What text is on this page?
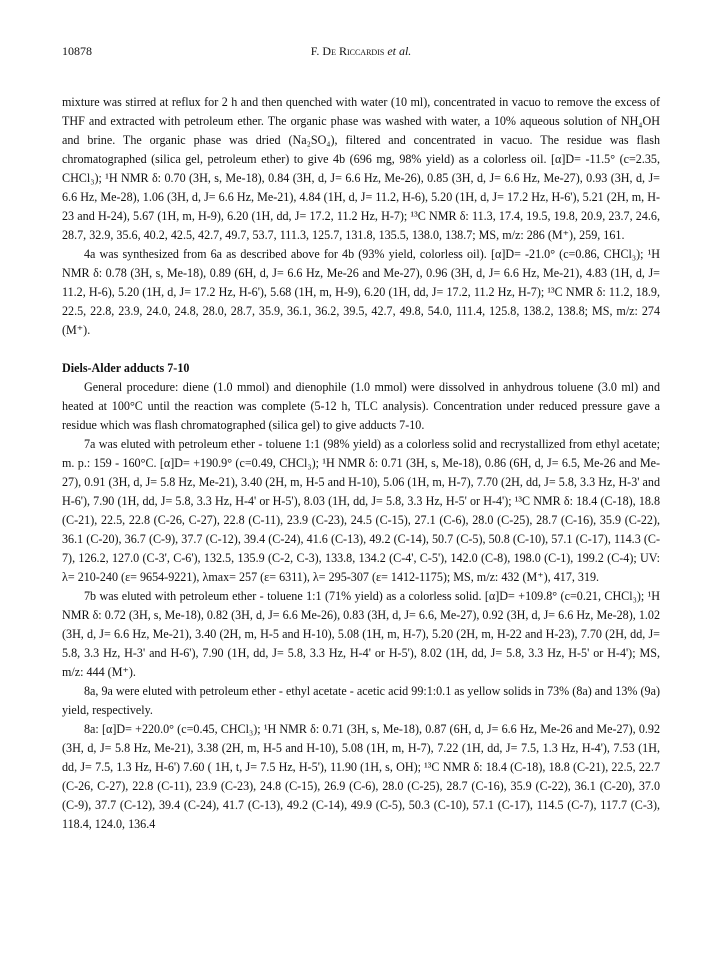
10878	F. De Riccardis et al.

mixture was stirred at reflux for 2 h and then quenched with water (10 ml), concentrated in vacuo to remove the excess of THF and extracted with petroleum ether. The organic phase was washed with water, a 10% aqueous solution of NH₄OH and brine. The organic phase was dried (Na₂SO₄), filtered and concentrated in vacuo. The residue was flash chromatographed (silica gel, petroleum ether) to give 4b (696 mg, 98% yield) as a colorless oil. [α]D= -11.5° (c=2.35, CHCl₃); ¹H NMR δ: 0.70 (3H, s, Me-18), 0.84 (3H, d, J= 6.6 Hz, Me-26), 0.85 (3H, d, J= 6.6 Hz, Me-27), 0.93 (3H, d, J= 6.6 Hz, Me-28), 1.06 (3H, d, J= 6.6 Hz, Me-21), 4.84 (1H, d, J= 11.2, H-6), 5.20 (1H, d, J= 17.2 Hz, H-6'), 5.21 (2H, m, H-23 and H-24), 5.67 (1H, m, H-9), 6.20 (1H, dd, J= 17.2, 11.2 Hz, H-7); ¹³C NMR δ: 11.3, 17.4, 19.5, 19.8, 20.9, 23.7, 24.6, 28.7, 32.9, 35.6, 40.2, 42.5, 42.7, 49.7, 53.7, 111.3, 125.7, 131.8, 135.5, 138.0, 138.7; MS, m/z: 286 (M⁺), 259, 161.

4a was synthesized from 6a as described above for 4b (93% yield, colorless oil). [α]D= -21.0° (c=0.86, CHCl₃); ¹H NMR δ: 0.78 (3H, s, Me-18), 0.89 (6H, d, J= 6.6 Hz, Me-26 and Me-27), 0.96 (3H, d, J= 6.6 Hz, Me-21), 4.83 (1H, d, J= 11.2, H-6), 5.20 (1H, d, J= 17.2 Hz, H-6'), 5.68 (1H, m, H-9), 6.20 (1H, dd, J= 17.2, 11.2 Hz, H-7); ¹³C NMR δ: 11.2, 18.9, 22.5, 22.8, 23.9, 24.0, 24.8, 28.0, 28.7, 35.9, 36.1, 36.2, 39.5, 42.7, 49.8, 54.0, 111.4, 125.8, 138.2, 138.8; MS, m/z: 274 (M⁺).

Diels-Alder adducts 7-10

General procedure: diene (1.0 mmol) and dienophile (1.0 mmol) were dissolved in anhydrous toluene (3.0 ml) and heated at 100°C until the reaction was complete (5-12 h, TLC analysis). Concentration under reduced pressure gave a residue which was flash chromatographed (silica gel) to give adducts 7-10.

7a was eluted with petroleum ether - toluene 1:1 (98% yield) as a colorless solid and recrystallized from ethyl acetate; m. p.: 159 - 160°C. [α]D= +190.9° (c=0.49, CHCl₃); ¹H NMR δ: 0.71 (3H, s, Me-18), 0.86 (6H, d, J= 6.5, Me-26 and Me-27), 0.91 (3H, d, J= 5.8 Hz, Me-21), 3.40 (2H, m, H-5 and H-10), 5.06 (1H, m, H-7), 7.70 (2H, dd, J= 5.8, 3.3 Hz, H-3' and H-6'), 7.90 (1H, dd, J= 5.8, 3.3 Hz, H-4' or H-5'), 8.03 (1H, dd, J= 5.8, 3.3 Hz, H-5' or H-4'); ¹³C NMR δ: 18.4 (C-18), 18.8 (C-21), 22.5, 22.8 (C-26, C-27), 22.8 (C-11), 23.9 (C-23), 24.5 (C-15), 27.1 (C-6), 28.0 (C-25), 28.7 (C-16), 35.9 (C-22), 36.1 (C-20), 36.7 (C-9), 37.7 (C-12), 39.4 (C-24), 41.6 (C-13), 49.2 (C-14), 50.7 (C-5), 50.8 (C-10), 57.1 (C-17), 114.3 (C-7), 126.2, 127.0 (C-3', C-6'), 132.5, 135.9 (C-2, C-3), 133.8, 134.2 (C-4', C-5'), 142.0 (C-8), 198.0 (C-1), 199.2 (C-4); UV: λ= 210-240 (ε= 9654-9221), λmax= 257 (ε= 6311), λ= 295-307 (ε= 1412-1175); MS, m/z: 432 (M⁺), 417, 319.

7b was eluted with petroleum ether - toluene 1:1 (71% yield) as a colorless solid. [α]D= +109.8° (c=0.21, CHCl₃); ¹H NMR δ: 0.72 (3H, s, Me-18), 0.82 (3H, d, J= 6.6 Me-26), 0.83 (3H, d, J= 6.6, Me-27), 0.92 (3H, d, J= 6.6 Hz, Me-28), 1.02 (3H, d, J= 6.6 Hz, Me-21), 3.40 (2H, m, H-5 and H-10), 5.08 (1H, m, H-7), 5.20 (2H, m, H-22 and H-23), 7.70 (2H, dd, J= 5.8, 3.3 Hz, H-3' and H-6'), 7.90 (1H, dd, J= 5.8, 3.3 Hz, H-4' or H-5'), 8.02 (1H, dd, J= 5.8, 3.3 Hz, H-5' or H-4'); MS, m/z: 444 (M⁺).

8a, 9a were eluted with petroleum ether - ethyl acetate - acetic acid 99:1:0.1 as yellow solids in 73% (8a) and 13% (9a) yield, respectively.

8a: [α]D= +220.0° (c=0.45, CHCl₃); ¹H NMR δ: 0.71 (3H, s, Me-18), 0.87 (6H, d, J= 6.6 Hz, Me-26 and Me-27), 0.92 (3H, d, J= 5.8 Hz, Me-21), 3.38 (2H, m, H-5 and H-10), 5.08 (1H, m, H-7), 7.22 (1H, dd, J= 7.5, 1.3 Hz, H-4'), 7.53 (1H, dd, J= 7.5, 1.3 Hz, H-6') 7.60 ( 1H, t, J= 7.5 Hz, H-5'), 11.90 (1H, s, OH); ¹³C NMR δ: 18.4 (C-18), 18.8 (C-21), 22.5, 22.7 (C-26, C-27), 22.8 (C-11), 23.9 (C-23), 24.8 (C-15), 26.9 (C-6), 28.0 (C-25), 28.7 (C-16), 35.9 (C-22), 36.1 (C-20), 37.0 (C-9), 37.7 (C-12), 39.4 (C-24), 41.7 (C-13), 49.2 (C-14), 49.9 (C-5), 50.3 (C-10), 57.1 (C-17), 114.5 (C-7), 117.7 (C-3), 118.4, 124.0, 136.4
